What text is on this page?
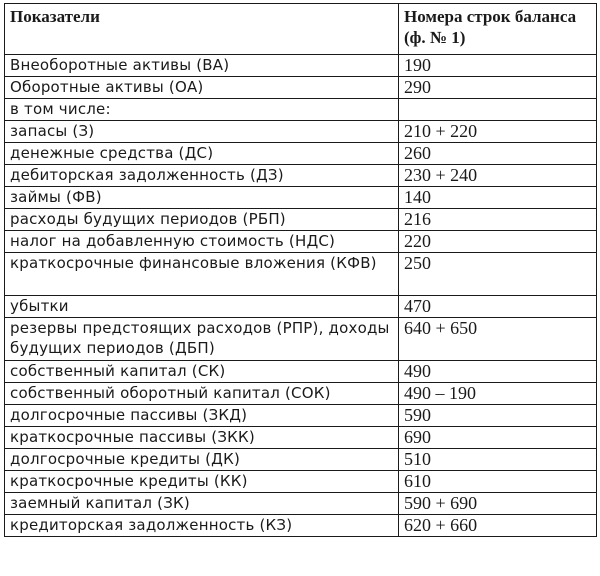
Показатели	Номера строк баланса (ф. № 1)
Внеоборотные активы (ВА)	190
Оборотные активы (ОА)	290
в том числе:	
запасы (З)	210 + 220
денежные средства (ДС)	260
дебиторская задолженность (ДЗ)	230 + 240
займы (ФВ)	140
расходы будущих периодов (РБП)	216
налог на добавленную стоимость (НДС)	220
краткосрочные финансовые вложения (КФВ)	250
убытки	470
резервы предстоящих расходов (РПР), доходы будущих периодов (ДБП)	640 + 650
собственный капитал (СК)	490
собственный оборотный капитал (СОК)	490 – 190
долгосрочные пассивы (ЗКД)	590
краткосрочные пассивы (ЗКК)	690
долгосрочные кредиты (ДК)	510
краткосрочные кредиты (КК)	610
заемный капитал (ЗК)	590 + 690
кредиторская задолженность (КЗ)	620 + 660
